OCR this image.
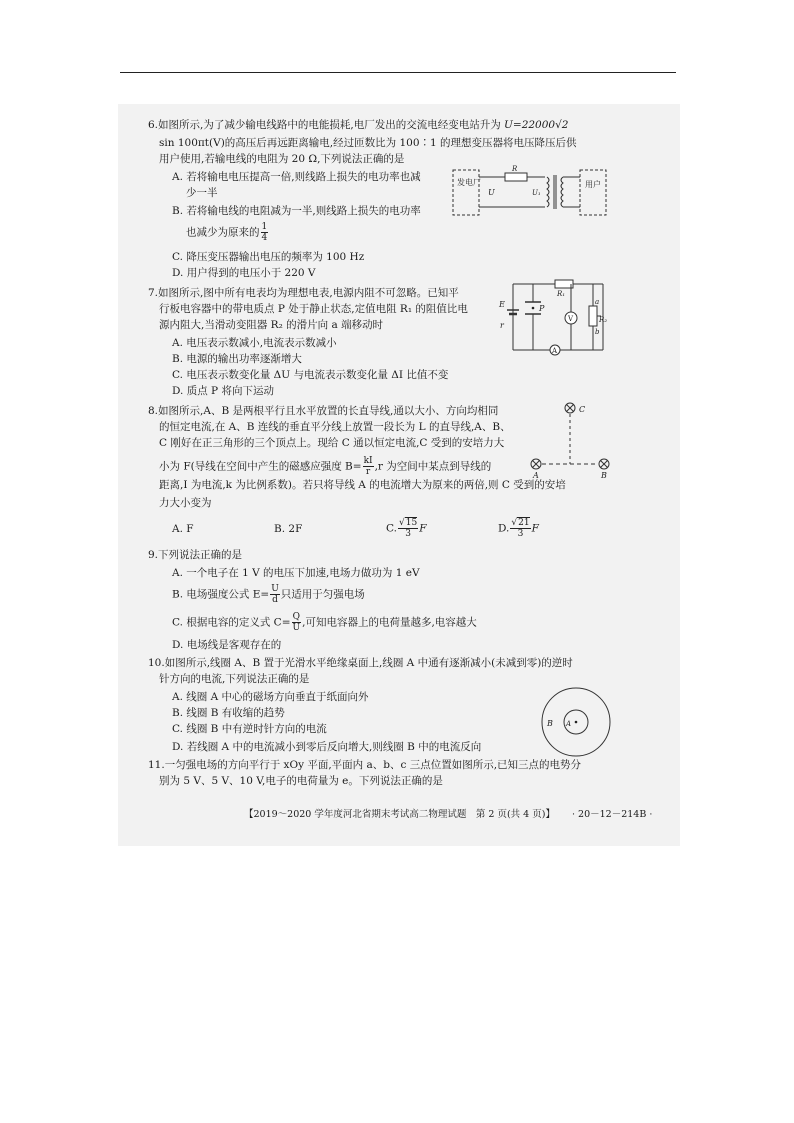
6.如图所示,为了减少输电线路中的电能损耗,电厂发出的交流电经变电站升为 U=22000√2
sin 100πt(V)的高压后再远距离输电,经过匝数比为 100∶1 的理想变压器将电压降压后供
用户使用,若输电线的电阻为 20 Ω,下列说法正确的是
A. 若将输电电压提高一倍,则线路上损失的电功率也减
少一半
B. 若将输电线的电阻减为一半,则线路上损失的电功率
也减少为原来的 $\frac{1}{4}$
C. 降压变压器输出电压的频率为 100 Hz
D. 用户得到的电压小于 220 V
发电厂
U
R
U₁
用户
7.如图所示,图中所有电表均为理想电表,电源内阻不可忽略。已知平
行板电容器中的带电质点 P 处于静止状态,定值电阻 R₁ 的阻值比电
源内阻大,当滑动变阻器 R₂ 的滑片向 a 端移动时
A. 电压表示数减小,电流表示数减小
B. 电源的输出功率逐渐增大
C. 电压表示数变化量 ΔU 与电流表示数变化量 ΔI 比值不变
D. 质点 P 将向下运动
E
r
P
R₁
V
a
b
R₂
A
8.如图所示,A、B 是两根平行且水平放置的长直导线,通以大小、方向均相同
的恒定电流,在 A、B 连线的垂直平分线上放置一段长为 L 的直导线,A、B、
C 刚好在正三角形的三个顶点上。现给 C 通以恒定电流,C 受到的安培力大
小为 F(导线在空间中产生的磁感应强度 $B= \frac{kI}{r} ,r$ 为空间中某点到导线的
距离,I 为电流,k 为比例系数)。若只将导线 A 的电流增大为原来的两倍,则 C 受到的安培
力大小变为
A. F	B. 2F	C. $\frac{√15}{3}$ F	D. $\frac{√21}{3}$ F
C
A	B
9.下列说法正确的是
A. 一个电子在 1 V 的电压下加速,电场力做功为 1 eV
B. 电场强度公式 $E= \frac{U}{d}$ 只适用于匀强电场
C. 根据电容的定义式 $C= \frac{Q}{U}$ ,可知电容器上的电荷量越多,电容越大
D. 电场线是客观存在的
10.如图所示,线圈 A、B 置于光滑水平绝缘桌面上,线圈 A 中通有逐渐减小(未减到零)的逆时
针方向的电流,下列说法正确的是
A. 线圈 A 中心的磁场方向垂直于纸面向外
B. 线圈 B 有收缩的趋势
C. 线圈 B 中有逆时针方向的电流
D. 若线圈 A 中的电流减小到零后反向增大,则线圈 B 中的电流反向
B A
11.一匀强电场的方向平行于 xOy 平面,平面内 a、b、c 三点位置如图所示,已知三点的电势分
别为 5 V、5 V、10 V,电子的电荷量为 e。下列说法正确的是
【2019～2020 学年度河北省期末考试高二物理试题　第 2 页(共 4 页)】 · 20－12－214B ·
